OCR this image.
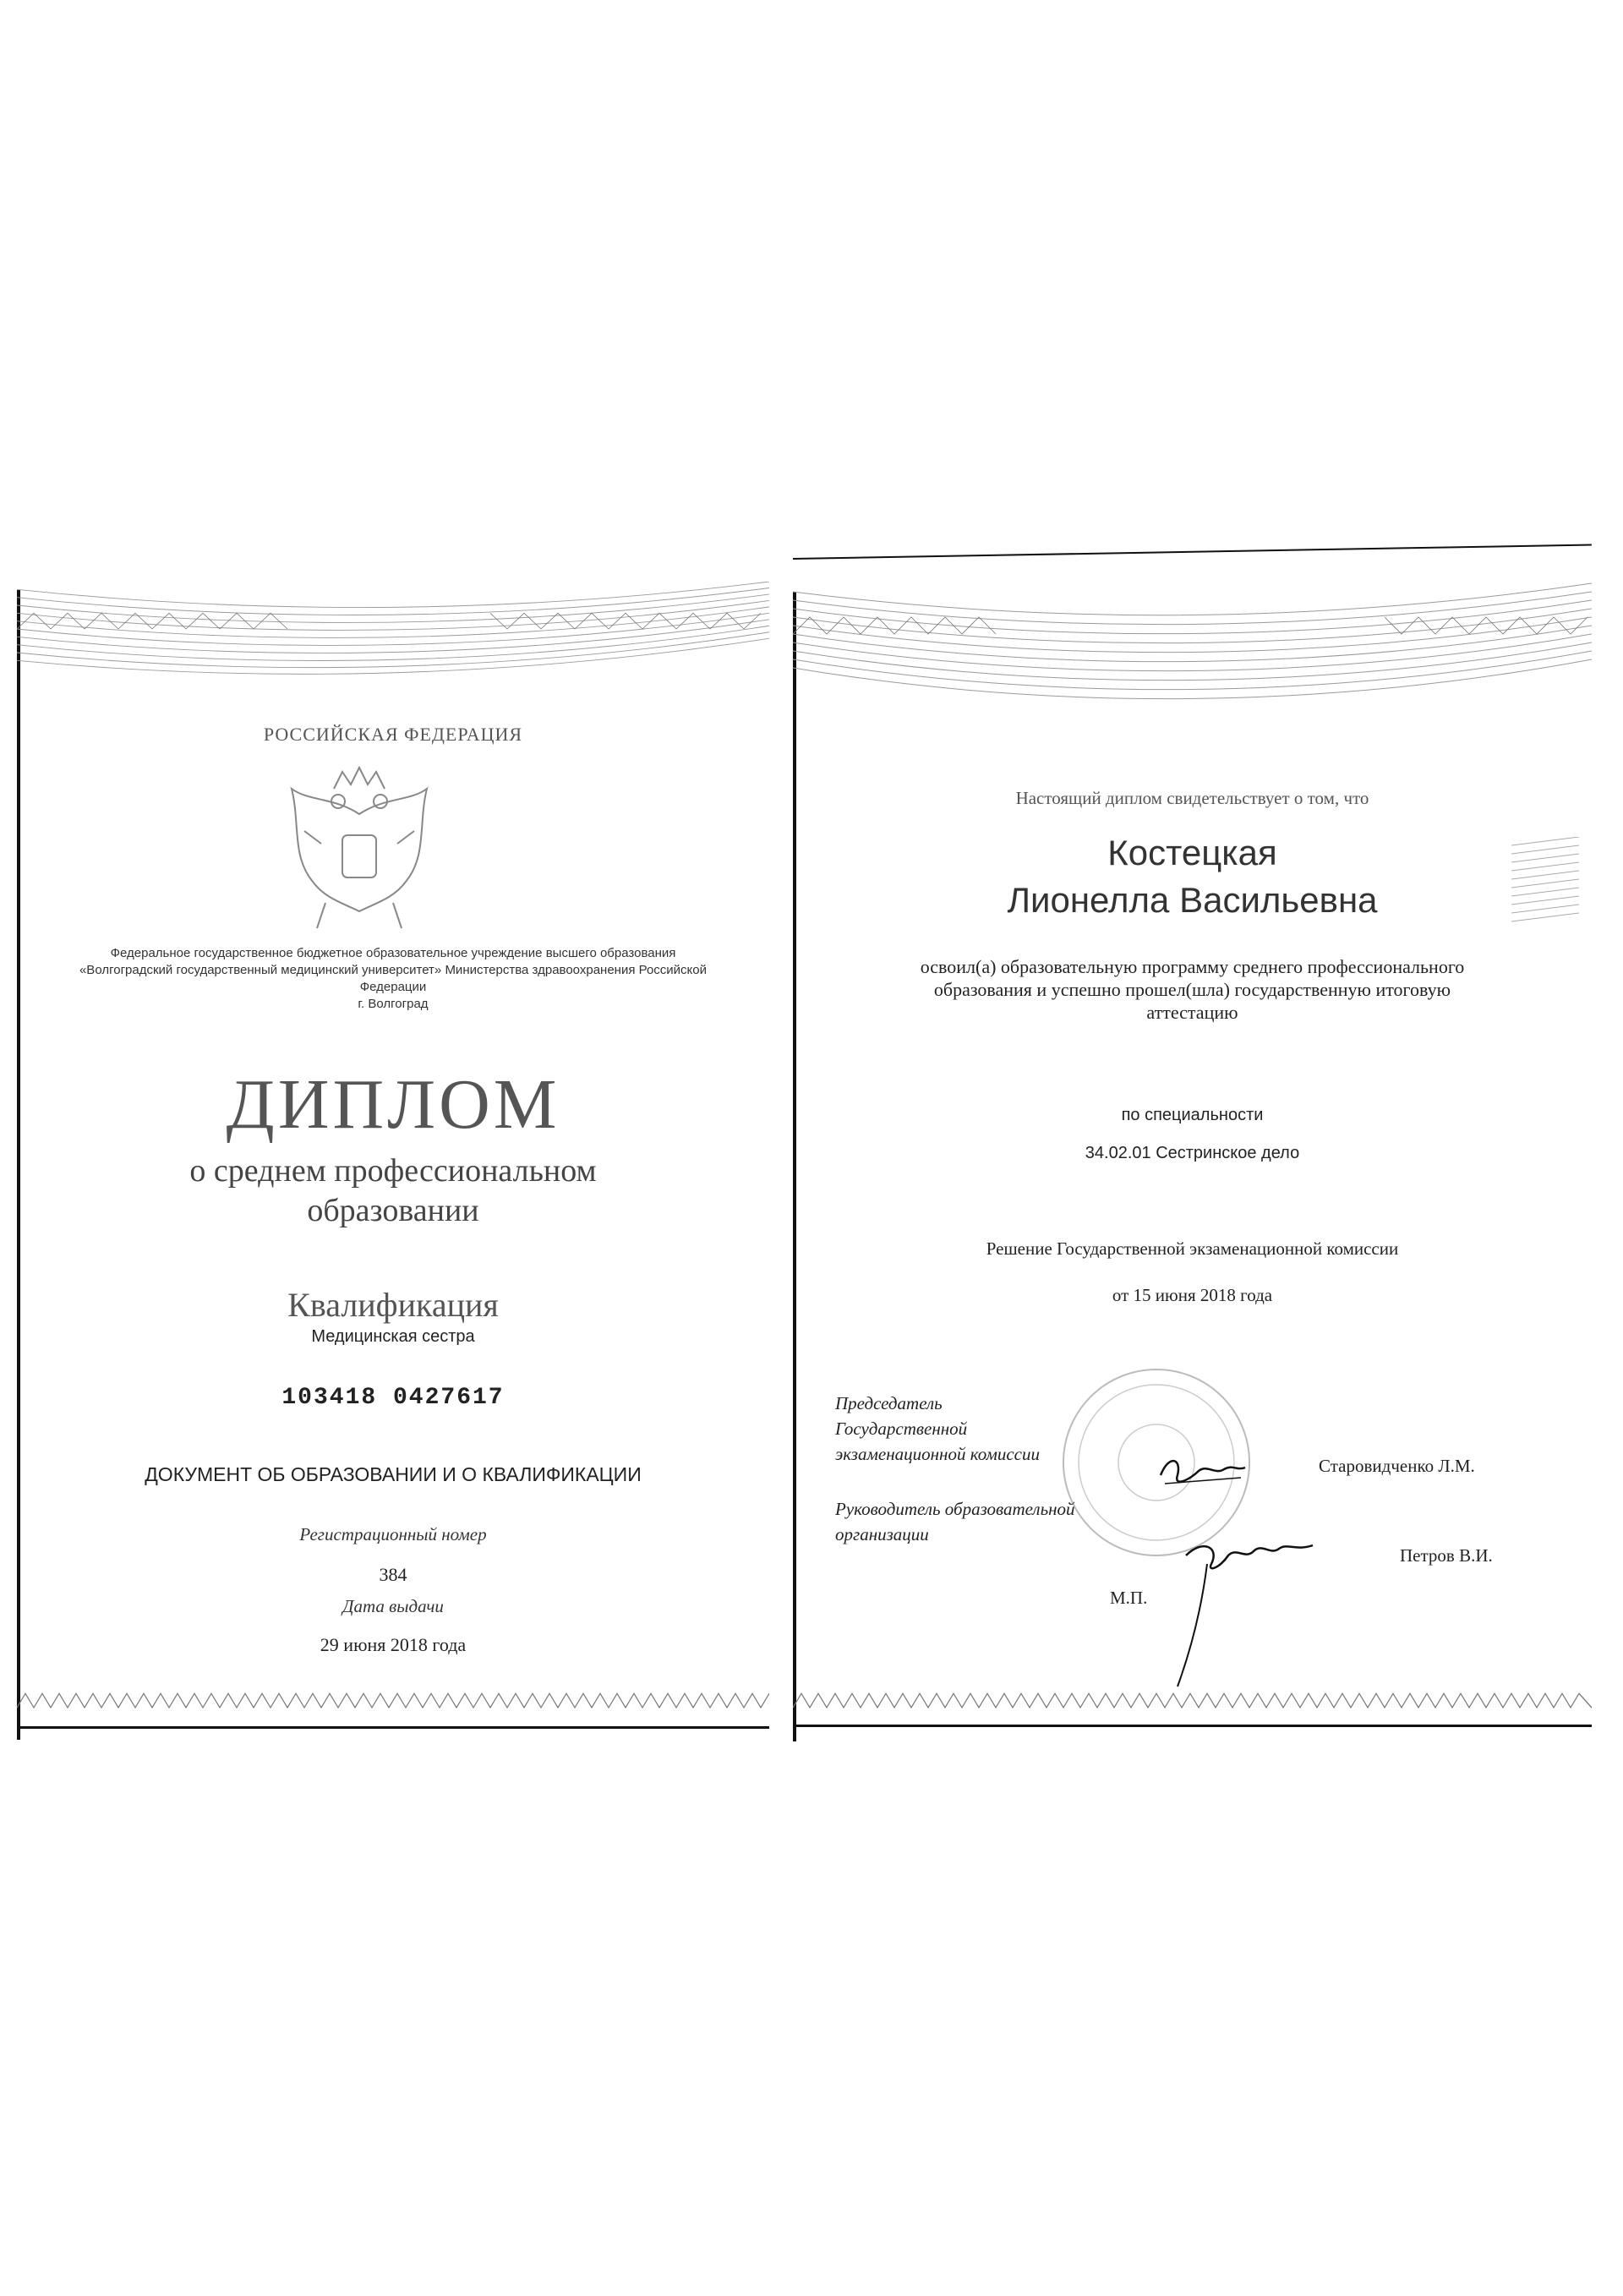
РОССИЙСКАЯ ФЕДЕРАЦИЯ
Федеральное государственное бюджетное образовательное учреждение высшего образования
«Волгоградский государственный медицинский университет» Министерства здравоохранения Российской
Федерации
г. Волгоград
ДИПЛОМ
о среднем профессиональном
образовании
Квалификация
Медицинская сестра
103418 0427617
ДОКУМЕНТ ОБ ОБРАЗОВАНИИ И О КВАЛИФИКАЦИИ
Регистрационный номер
384
Дата выдачи
29 июня 2018 года
Настоящий диплом свидетельствует о том, что
Костецкая
Лионелла Васильевна
освоил(а) образовательную программу среднего профессионального
образования и успешно прошел(шла) государственную итоговую
аттестацию
по специальности
34.02.01 Сестринское дело
Решение Государственной экзаменационной комиссии
от 15 июня 2018 года
Председатель
Государственной
экзаменационной комиссии
Старовидченко Л.М.
Руководитель образовательной
организации
Петров В.И.
М.П.
